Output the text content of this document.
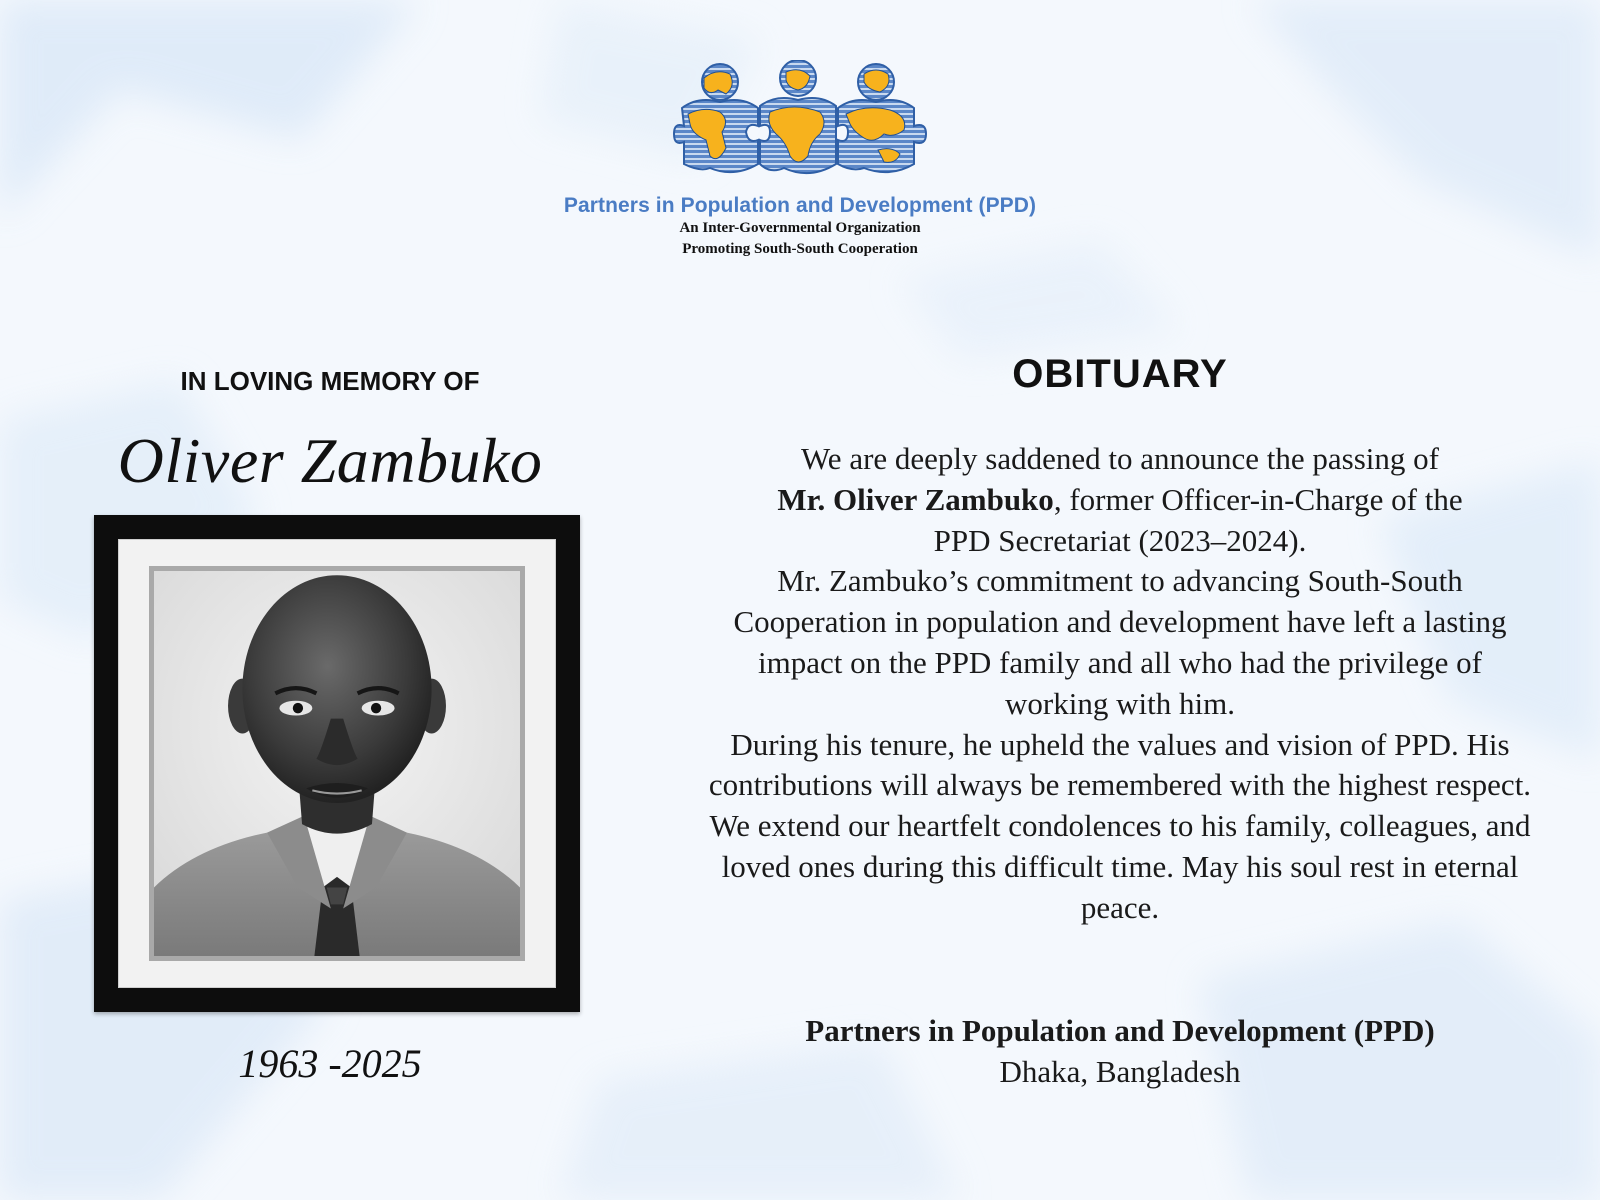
Partners in Population and Development (PPD)
An Inter-Governmental Organization
Promoting South-South Cooperation
IN LOVING MEMORY OF
Oliver Zambuko
1963 -2025
OBITUARY

We are deeply saddened to announce the passing of

Mr. Oliver Zambuko, former Officer-in-Charge of the

PPD Secretariat (2023–2024).

Mr. Zambuko’s commitment to advancing South-South Cooperation in population and development have left a lasting impact on the PPD family and all who had the privilege of working with him.

During his tenure, he upheld the values and vision of PPD. His contributions will always be remembered with the highest respect.

We extend our heartfelt condolences to his family, colleagues, and loved ones during this difficult time. May his soul rest in eternal peace.

Partners in Population and Development (PPD)
Dhaka, Bangladesh
